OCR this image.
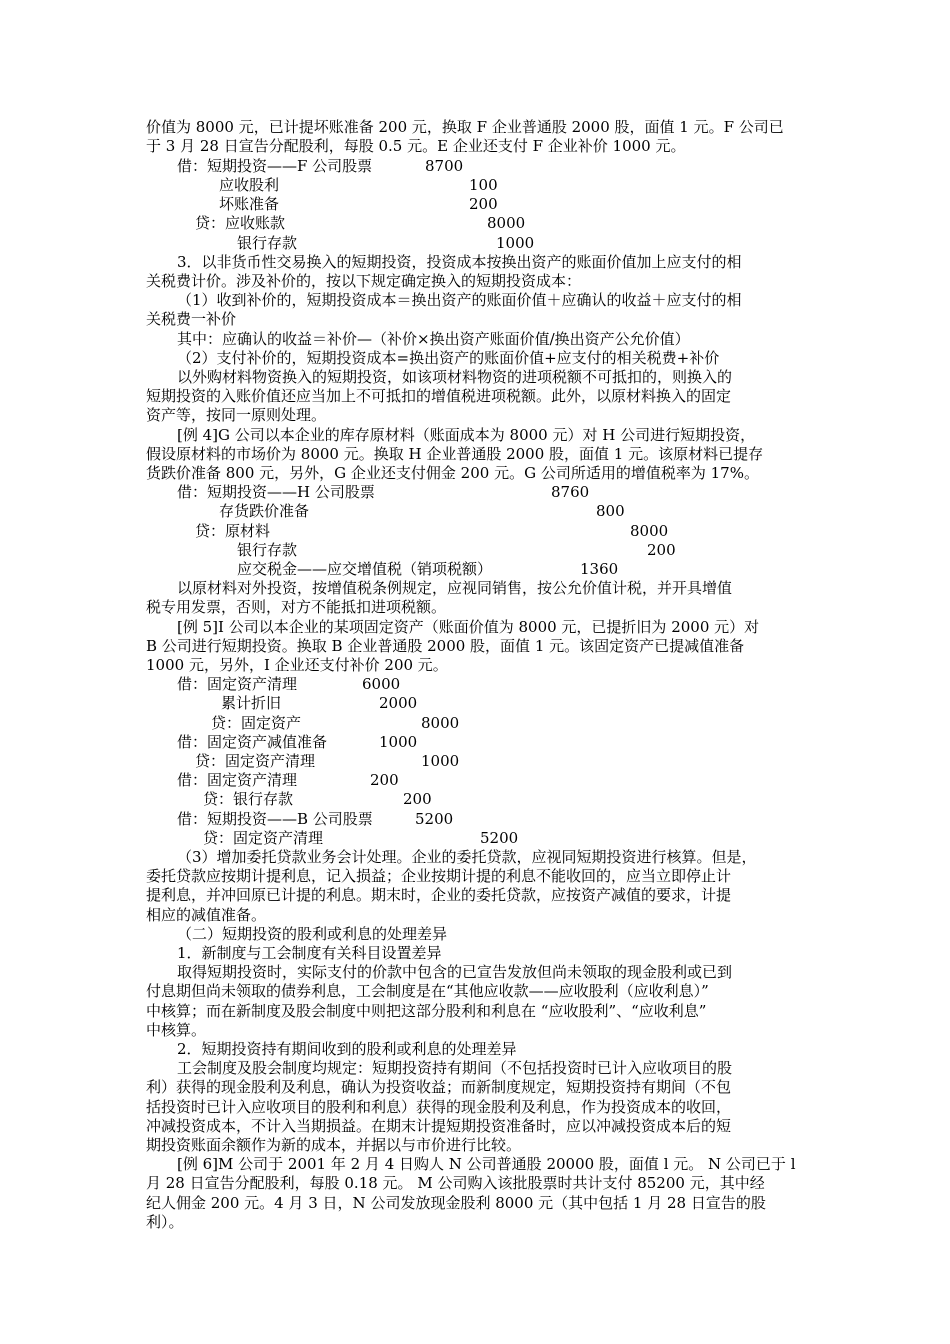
价值为 8000 元，已计提坏账准备 200 元，换取 F 企业普通股 2000 股，面值 1 元。F 公司已
于 3 月 28 日宣告分配股利，每股 0.5 元。E 企业还支付 F 企业补价 1000 元。
借：短期投资——F 公司股票	8700
应收股利	100
坏账准备	200
贷：应收账款	8000
银行存款	1000
3．以非货币性交易换入的短期投资，投资成本按换出资产的账面价值加上应支付的相
关税费计价。涉及补价的，按以下规定确定换入的短期投资成本：
（1）收到补价的，短期投资成本＝换出资产的账面价值＋应确认的收益＋应支付的相
关税费一补价
其中：应确认的收益＝补价—（补价×换出资产账面价值/换出资产公允价值）
（2）支付补价的，短期投资成本=换出资产的账面价值+应支付的相关税费+补价
以外购材料物资换入的短期投资，如该项材料物资的进项税额不可抵扣的，则换入的
短期投资的入账价值还应当加上不可抵扣的增值税进项税额。此外，以原材料换入的固定
资产等，按同一原则处理。
[例 4]G 公司以本企业的库存原材料（账面成本为 8000 元）对 H 公司进行短期投资，
假设原材料的市场价为 8000 元。换取 H 企业普通股 2000 股，面值 1 元。该原材料已提存
货跌价准备 800 元，另外，G 企业还支付佣金 200 元。G 公司所适用的增值税率为 17%。
借：短期投资——H 公司股票	8760
存货跌价准备	800
贷：原材料	8000
银行存款	200
应交税金——应交增值税（销项税额）	1360
以原材料对外投资，按增值税条例规定，应视同销售，按公允价值计税，并开具增值
税专用发票，否则，对方不能抵扣进项税额。
[例 5]I 公司以本企业的某项固定资产（账面价值为 8000 元，已提折旧为 2000 元）对
B 公司进行短期投资。换取 B 企业普通股 2000 股，面值 1 元。该固定资产已提减值准备
1000 元，另外，I 企业还支付补价 200 元。
借：固定资产清理	6000
累计折旧	2000
贷：固定资产	8000
借：固定资产减值准备	1000
贷：固定资产清理	1000
借：固定资产清理	200
贷：银行存款	200
借：短期投资——B 公司股票	5200
贷：固定资产清理	5200
（3）增加委托贷款业务会计处理。企业的委托贷款，应视同短期投资进行核算。但是，
委托贷款应按期计提利息，记入损益；企业按期计提的利息不能收回的，应当立即停止计
提利息，并冲回原已计提的利息。期末时，企业的委托贷款，应按资产减值的要求，计提
相应的减值准备。
（二）短期投资的股利或利息的处理差异
1．新制度与工会制度有关科目设置差异
取得短期投资时，实际支付的价款中包含的已宣告发放但尚未领取的现金股利或已到
付息期但尚未领取的债券利息，工会制度是在“其他应收款——应收股利（应收利息）”
中核算；而在新制度及股会制度中则把这部分股利和利息在 “应收股利”、“应收利息”
中核算。
2．短期投资持有期间收到的股利或利息的处理差异
工会制度及股会制度均规定：短期投资持有期间（不包括投资时已计入应收项目的股
利）获得的现金股利及利息，确认为投资收益；而新制度规定，短期投资持有期间（不包
括投资时已计入应收项目的股利和利息）获得的现金股利及利息，作为投资成本的收回，
冲减投资成本，不计入当期损益。在期末计提短期投资准备时，应以冲减投资成本后的短
期投资账面余额作为新的成本，并据以与市价进行比较。
[例 6]M 公司于 2001 年 2 月 4 日购人 N 公司普通股 20000 股，面值 l 元。 N 公司已于 l
月 28 日宣告分配股利，每股 0.18 元。 M 公司购入该批股票时共计支付 85200 元，其中经
纪人佣金 200 元。4 月 3 日，N 公司发放现金股利 8000 元（其中包括 1 月 28 日宣告的股
利）。
